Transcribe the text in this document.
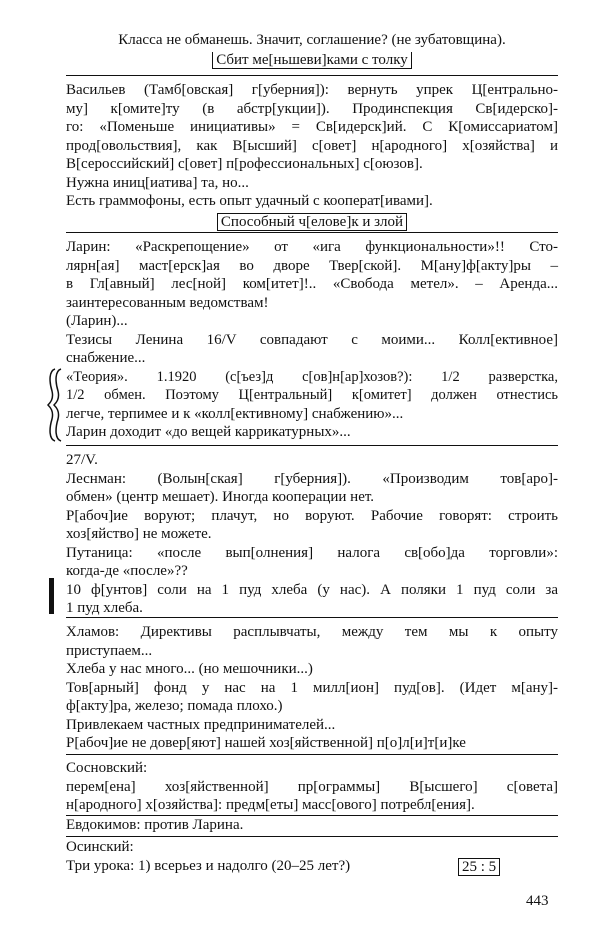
Класса не обманешь. Значит, соглашение? (не зубатовщина).
Сбит ме[ньшеви]ками с толку
Васильев (Тамб[овская] г[уберния]): вернуть упрек Ц[ентрально-
му] к[омите]ту (в абстр[укции]). Продинспекция Св[идерско]-
го: «Поменьше инициативы» = Св[идерск]ий. С К[омиссариатом]
прод[овольствия], как В[ысший] с[овет] н[ародного] х[озяйства] и
В[сероссийский] с[овет] п[рофессиональных] с[оюзов].
Нужна иниц[иатива] та, но...
Есть граммофоны, есть опыт удачный с кооперат[ивами].
Способный ч[елове]к и злой
Ларин: «Раскрепощение» от «ига функциональности»!! Сто-
лярн[ая] маст[ерск]ая во дворе Твер[ской]. М[ану]ф[акту]ры –
в Гл[авный] лес[ной] ком[итет]!.. «Свобода метел». – Аренда...
заинтересованным ведомствам!
(Ларин)...
Тезисы Ленина 16/V совпадают с моими... Колл[ективное]
снабжение...
«Теория». 1.1920 (с[ъез]д с[ов]н[ар]хозов?): 1/2 разверстка,
1/2 обмен. Поэтому Ц[ентральный] к[омитет] должен отнестись
легче, терпимее и к «колл[ективному] снабжению»...
Ларин доходит «до вещей каррикатурных»...
27/V.
Леснман: (Волын[ская] г[уберния]). «Производим тов[аро]-
обмен» (центр мешает). Иногда кооперации нет.
Р[абоч]ие воруют; плачут, но воруют. Рабочие говорят: строить
хоз[яйство] не можете.
Путаница: «после вып[олнения] налога св[обо]да торговли»:
когда-де «после»??
10 ф[унтов] соли на 1 пуд хлеба (у нас). А поляки 1 пуд соли за
1 пуд хлеба.
Хламов: Директивы расплывчаты, между тем мы к опыту
приступаем...
Хлеба у нас много... (но мешочники...)
Тов[арный] фонд у нас на 1 милл[ион] пуд[ов]. (Идет м[ану]-
ф[акту]ра, железо; помада плохо.)
Привлекаем частных предпринимателей...
Р[абоч]ие не довер[яют] нашей хоз[яйственной] п[о]л[и]т[и]ке
Сосновский:
перем[ена] хоз[яйственной] пр[ограммы] В[ысшего] с[овета]
н[ародного] х[озяйства]: предм[еты] масс[ового] потребл[ения].
Евдокимов: против Ларина.
Осинский:
Три урока: 1) всерьез и надолго (20–25 лет?)	25 : 5
443
